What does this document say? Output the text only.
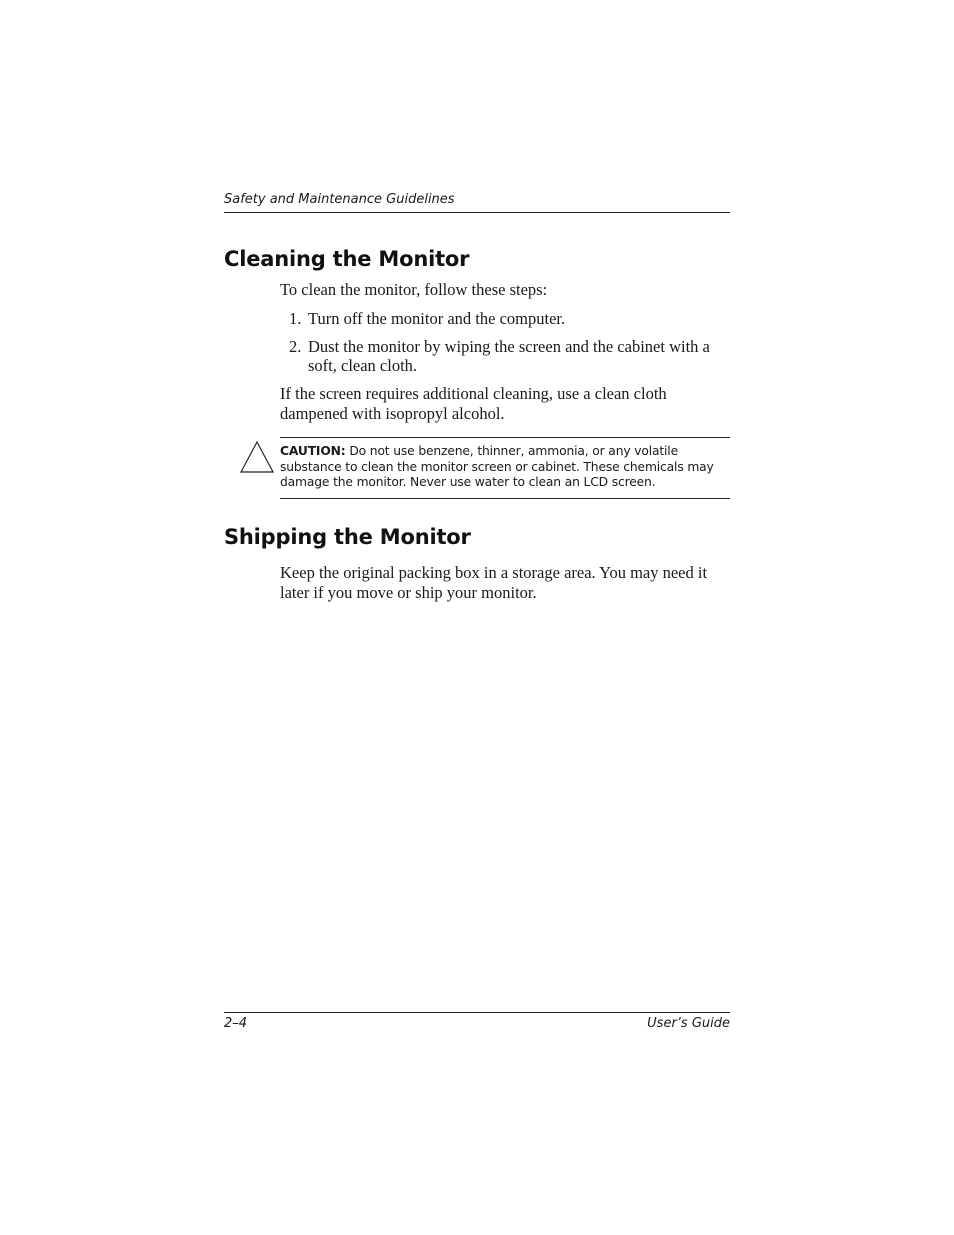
Safety and Maintenance Guidelines
Cleaning the Monitor

To clean the monitor, follow these steps:

1. Turn off the monitor and the computer.
2. Dust the monitor by wiping the screen and the cabinet with a soft, clean cloth.

If the screen requires additional cleaning, use a clean cloth dampened with isopropyl alcohol.

CAUTION: Do not use benzene, thinner, ammonia, or any volatile substance to clean the monitor screen or cabinet. These chemicals may damage the monitor. Never use water to clean an LCD screen.

Shipping the Monitor

Keep the original packing box in a storage area. You may need it later if you move or ship your monitor.

2–4	User’s Guide
